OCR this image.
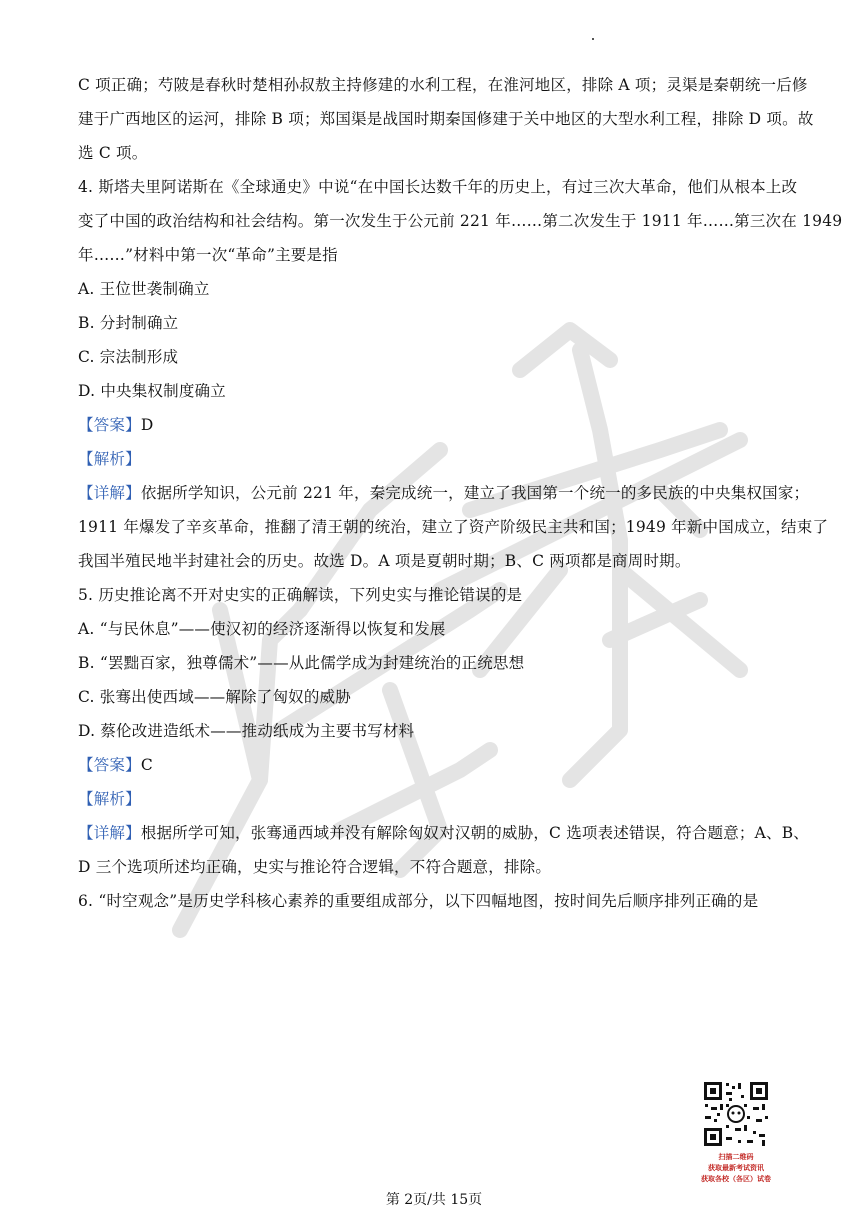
C 项正确；芍陂是春秋时楚相孙叔敖主持修建的水利工程，在淮河地区，排除 A 项；灵渠是秦朝统一后修
建于广西地区的运河，排除 B 项；郑国渠是战国时期秦国修建于关中地区的大型水利工程，排除 D 项。故
选 C 项。
4. 斯塔夫里阿诺斯在《全球通史》中说“在中国长达数千年的历史上，有过三次大革命，他们从根本上改
变了中国的政治结构和社会结构。第一次发生于公元前 221 年……第二次发生于 1911 年……第三次在 1949
年……”材料中第一次“革命”主要是指
A. 王位世袭制确立
B. 分封制确立
C. 宗法制形成
D. 中央集权制度确立
【答案】D
【解析】
【详解】依据所学知识，公元前 221 年，秦完成统一，建立了我国第一个统一的多民族的中央集权国家；
1911 年爆发了辛亥革命，推翻了清王朝的统治，建立了资产阶级民主共和国；1949 年新中国成立，结束了
我国半殖民地半封建社会的历史。故选 D。A 项是夏朝时期；B、C 两项都是商周时期。
5. 历史推论离不开对史实的正确解读，下列史实与推论错误的是
A. “与民休息”——使汉初的经济逐渐得以恢复和发展
B. “罢黜百家，独尊儒术”——从此儒学成为封建统治的正统思想
C. 张骞出使西域——解除了匈奴的威胁
D. 蔡伦改进造纸术——推动纸成为主要书写材料
【答案】C
【解析】
【详解】根据所学可知，张骞通西域并没有解除匈奴对汉朝的威胁，C 选项表述错误，符合题意；A、B、
D 三个选项所述均正确，史实与推论符合逻辑，不符合题意，排除。
6. “时空观念”是历史学科核心素养的重要组成部分，以下四幅地图，按时间先后顺序排列正确的是
扫描二维码
获取最新考试资讯
获取各校（各区）试卷
第 2页/共 15页
